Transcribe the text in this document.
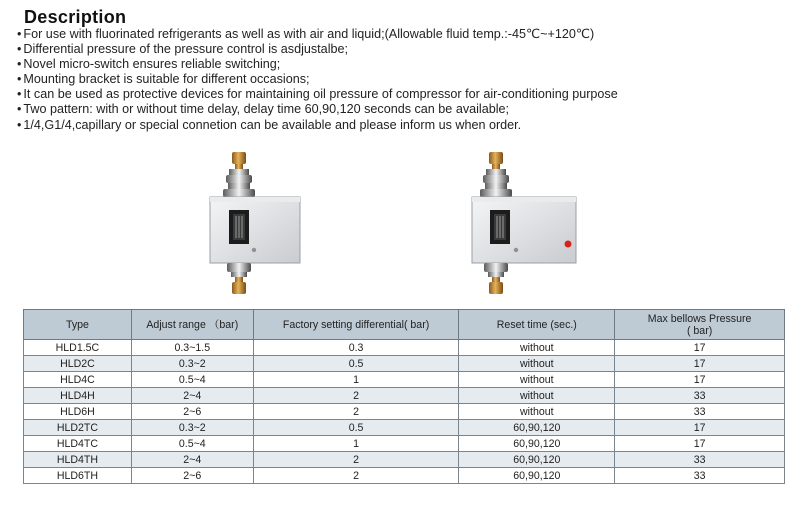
Description
• For use with fluorinated refrigerants as well as with air and liquid;(Allowable fluid temp.:-45℃~+120℃)
• Differential pressure of the pressure control is asdjustalbe;
• Novel micro-switch ensures reliable switching;
• Mounting bracket is suitable for different occasions;
• It can be used as protective devices for maintaining oil pressure of compressor for air-conditioning purpose
• Two pattern: with or without time delay, delay time 60,90,120 seconds can be available;
• 1/4,G1/4,capillary or special connetion can be available and please inform us when order.
Type	Adjust range （bar)	Factory setting differential( bar)	Reset time (sec.)	Max bellows Pressure
( bar)
HLD1.5C	0.3~1.5	0.3	without	17
HLD2C	0.3~2	0.5	without	17
HLD4C	0.5~4	1	without	17
HLD4H	2~4	2	without	33
HLD6H	2~6	2	without	33
HLD2TC	0.3~2	0.5	60,90,120	17
HLD4TC	0.5~4	1	60,90,120	17
HLD4TH	2~4	2	60,90,120	33
HLD6TH	2~6	2	60,90,120	33
